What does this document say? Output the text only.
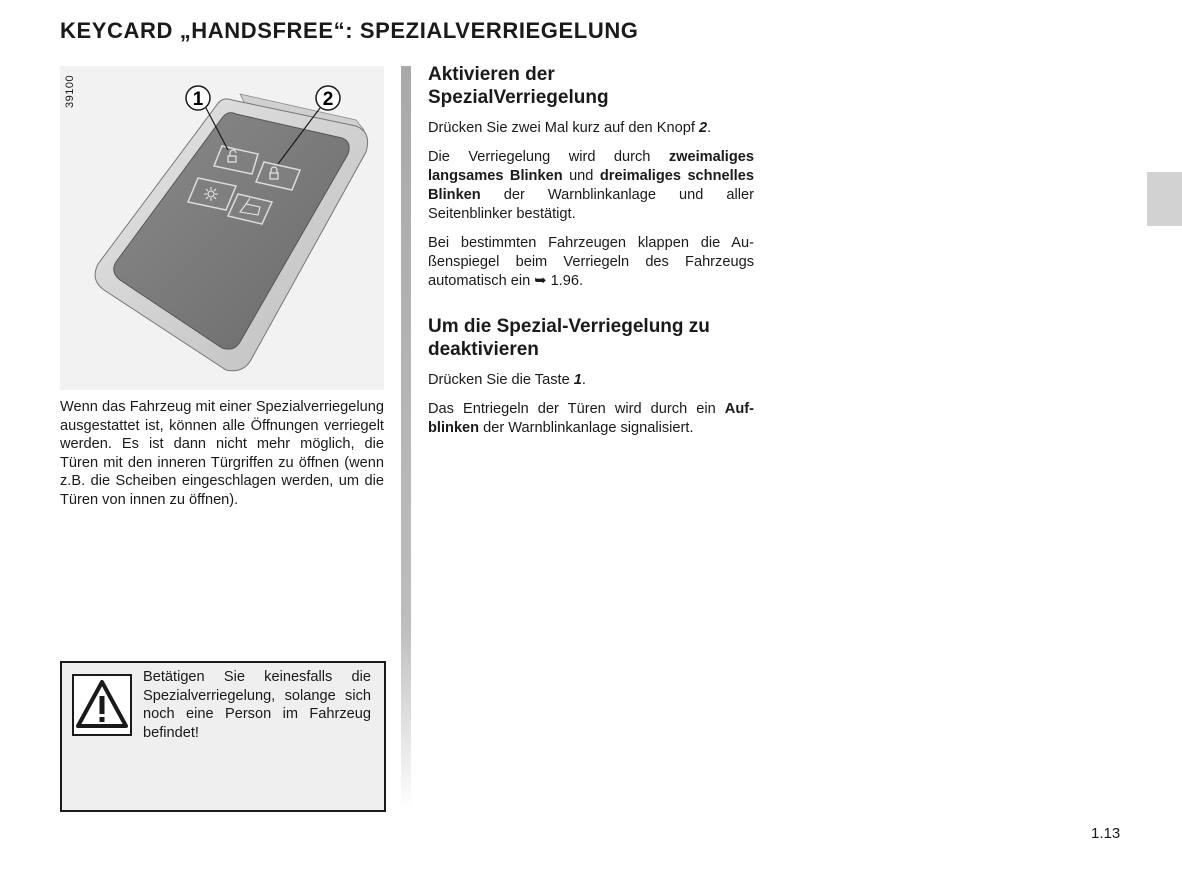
KEYCARD „HANDSFREE“: SPEZIALVERRIEGELUNG
1	2
39100

Wenn das Fahrzeug mit einer Spezialverriegelung ausgestattet ist, können alle Öffnungen verriegelt werden. Es ist dann nicht mehr möglich, die Türen mit den inneren Türgriffen zu öffnen (wenn z.B. die Scheiben eingeschlagen werden, um die Türen von innen zu öffnen).

Betätigen Sie keinesfalls die Spezialverriegelung, solange sich noch eine Person im Fahrzeug befindet!

Aktivieren der
SpezialVerriegelung

Drücken Sie zwei Mal kurz auf den Knopf 2.

Die Verriegelung wird durch zweimaliges langsames Blinken und dreimaliges schnelles Blinken der Warnblinkanlage und aller Seitenblinker bestätigt.

Bei bestimmten Fahrzeugen klappen die Außenspiegel beim Verriegeln des Fahrzeugs automatisch ein ➥ 1.96.

Um die Spezial-Verriegelung zu
deaktivieren

Drücken Sie die Taste 1.

Das Entriegeln der Türen wird durch ein Aufblinken der Warnblinkanlage signalisiert.

1.13
